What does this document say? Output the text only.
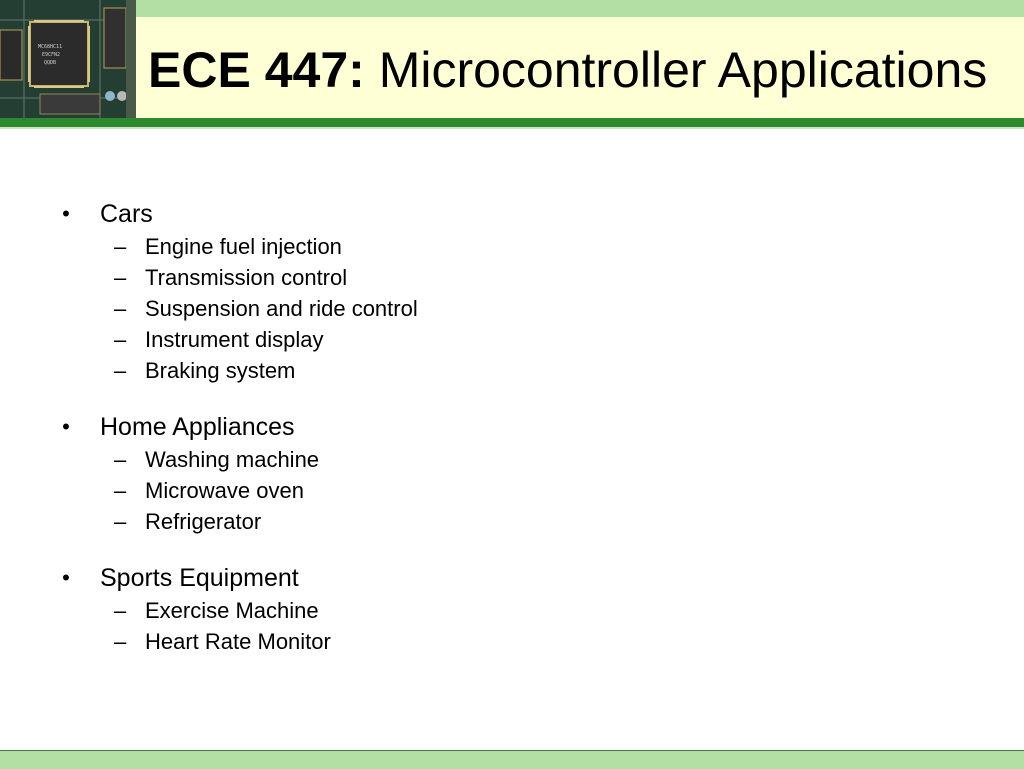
MC68HC11
E9CFN2
QQDB ECE 447: Microcontroller Applications
• Cars
– Engine fuel injection
– Transmission control
– Suspension and ride control
– Instrument display
– Braking system
• Home Appliances
– Washing machine
– Microwave oven
– Refrigerator
• Sports Equipment
– Exercise Machine
– Heart Rate Monitor
